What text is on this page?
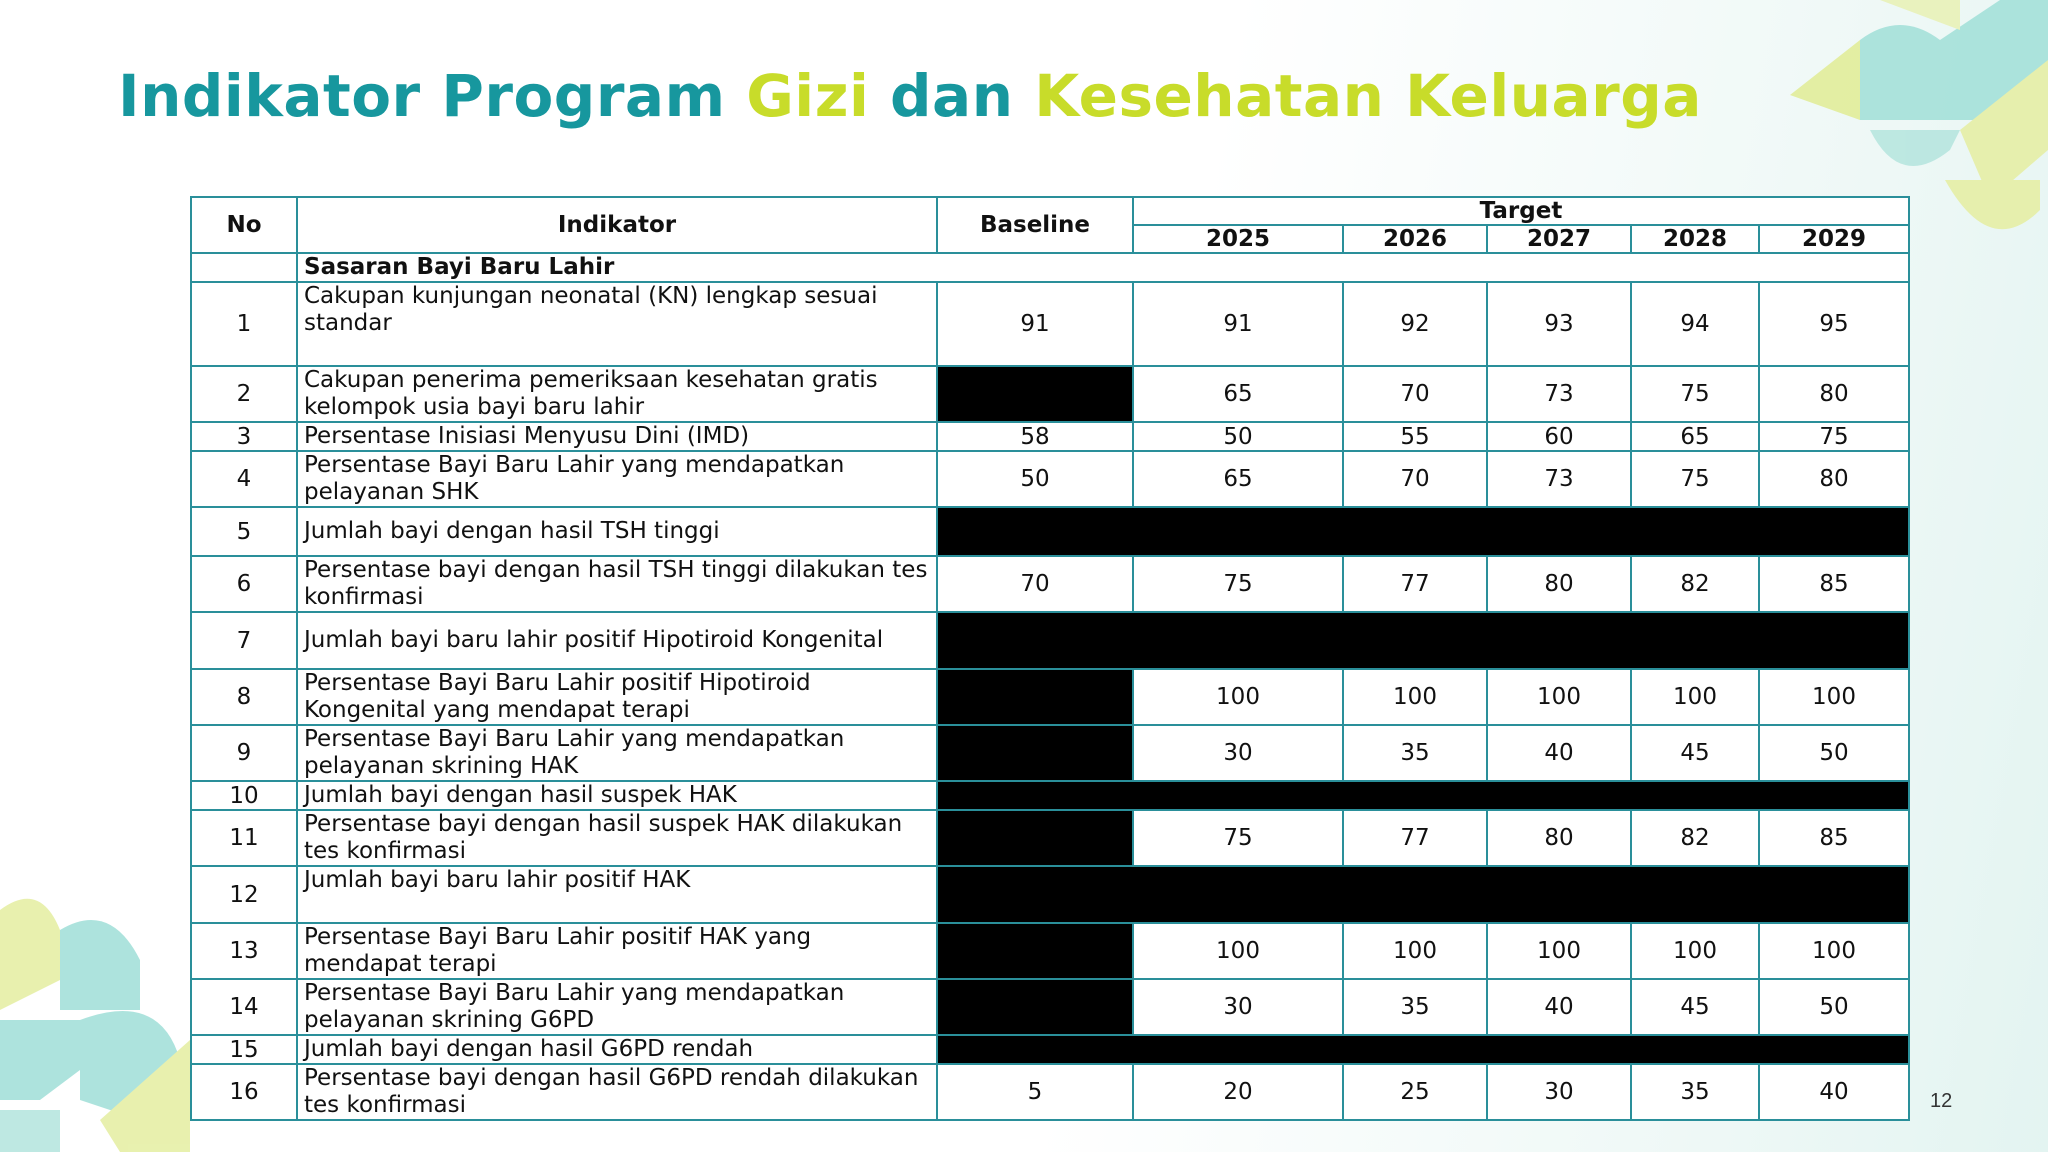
Indikator Program Gizi dan Kesehatan Keluarga
No	Indikator	Baseline	Target				
			2025	2026	2027	2028	2029
	Sasaran Bayi Baru Lahir						
1	Cakupan kunjungan neonatal (KN) lengkap sesuai standar	91	91	92	93	94	95
2	Cakupan penerima pemeriksaan kesehatan gratis kelompok usia bayi baru lahir		65	70	73	75	80
3	Persentase Inisiasi Menyusu Dini (IMD)	58	50	55	60	65	75
4	Persentase Bayi Baru Lahir yang mendapatkan pelayanan SHK	50	65	70	73	75	80
5	Jumlah bayi dengan hasil TSH tinggi						
6	Persentase bayi dengan hasil TSH tinggi dilakukan tes konfirmasi	70	75	77	80	82	85
7	Jumlah bayi baru lahir positif Hipotiroid Kongenital						
8	Persentase Bayi Baru Lahir positif Hipotiroid Kongenital yang mendapat terapi		100	100	100	100	100
9	Persentase Bayi Baru Lahir yang mendapatkan pelayanan skrining HAK		30	35	40	45	50
10	Jumlah bayi dengan hasil suspek HAK						
11	Persentase bayi dengan hasil suspek HAK dilakukan tes konfirmasi		75	77	80	82	85
12	Jumlah bayi baru lahir positif HAK						
13	Persentase Bayi Baru Lahir positif HAK yang mendapat terapi		100	100	100	100	100
14	Persentase Bayi Baru Lahir yang mendapatkan pelayanan skrining G6PD		30	35	40	45	50
15	Jumlah bayi dengan hasil G6PD rendah						
16	Persentase bayi dengan hasil G6PD rendah dilakukan tes konfirmasi	5	20	25	30	35	40	12
